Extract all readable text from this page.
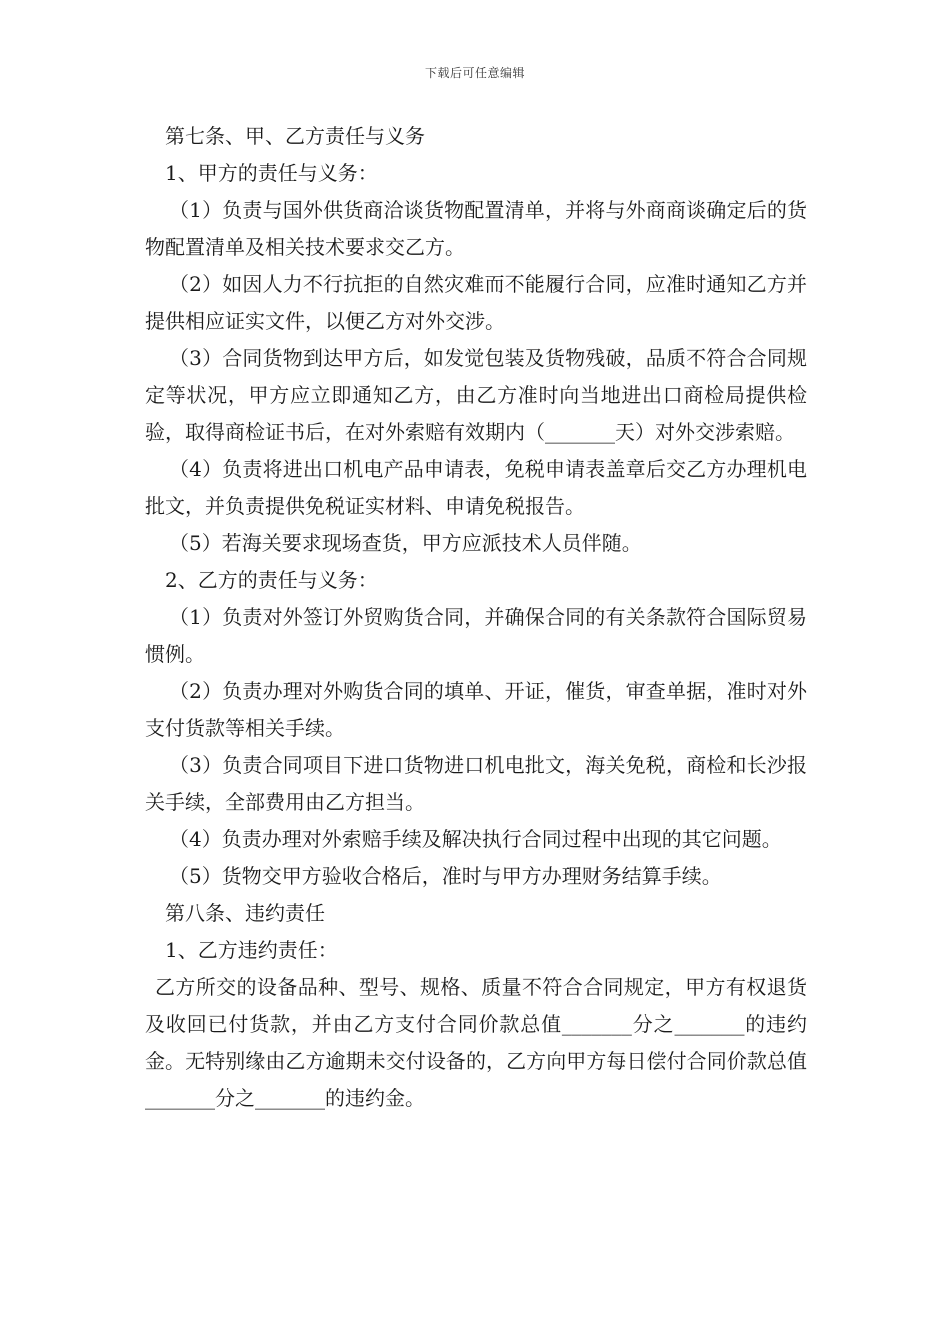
下载后可任意编辑

第七条、甲、乙方责任与义务

1、甲方的责任与义务：

（1）负责与国外供货商洽谈货物配置清单，并将与外商商谈确定后的货物配置清单及相关技术要求交乙方。

（2）如因人力不行抗拒的自然灾难而不能履行合同，应准时通知乙方并提供相应证实文件，以便乙方对外交涉。

（3）合同货物到达甲方后，如发觉包装及货物残破，品质不符合合同规定等状况，甲方应立即通知乙方，由乙方准时向当地进出口商检局提供检验，取得商检证书后，在对外索赔有效期内（_______天）对外交涉索赔。

（4）负责将进出口机电产品申请表，免税申请表盖章后交乙方办理机电批文，并负责提供免税证实材料、申请免税报告。

（5）若海关要求现场查货，甲方应派技术人员伴随。

2、乙方的责任与义务：

（1）负责对外签订外贸购货合同，并确保合同的有关条款符合国际贸易惯例。

（2）负责办理对外购货合同的填单、开证，催货，审查单据，准时对外支付货款等相关手续。

（3）负责合同项目下进口货物进口机电批文，海关免税，商检和长沙报关手续，全部费用由乙方担当。

（4）负责办理对外索赔手续及解决执行合同过程中出现的其它问题。

（5）货物交甲方验收合格后，准时与甲方办理财务结算手续。

第八条、违约责任

1、乙方违约责任：

乙方所交的设备品种、型号、规格、质量不符合合同规定，甲方有权退货及收回已付货款，并由乙方支付合同价款总值_______分之_______的违约金。无特别缘由乙方逾期未交付设备的，乙方向甲方每日偿付合同价款总值_______分之_______的违约金。
